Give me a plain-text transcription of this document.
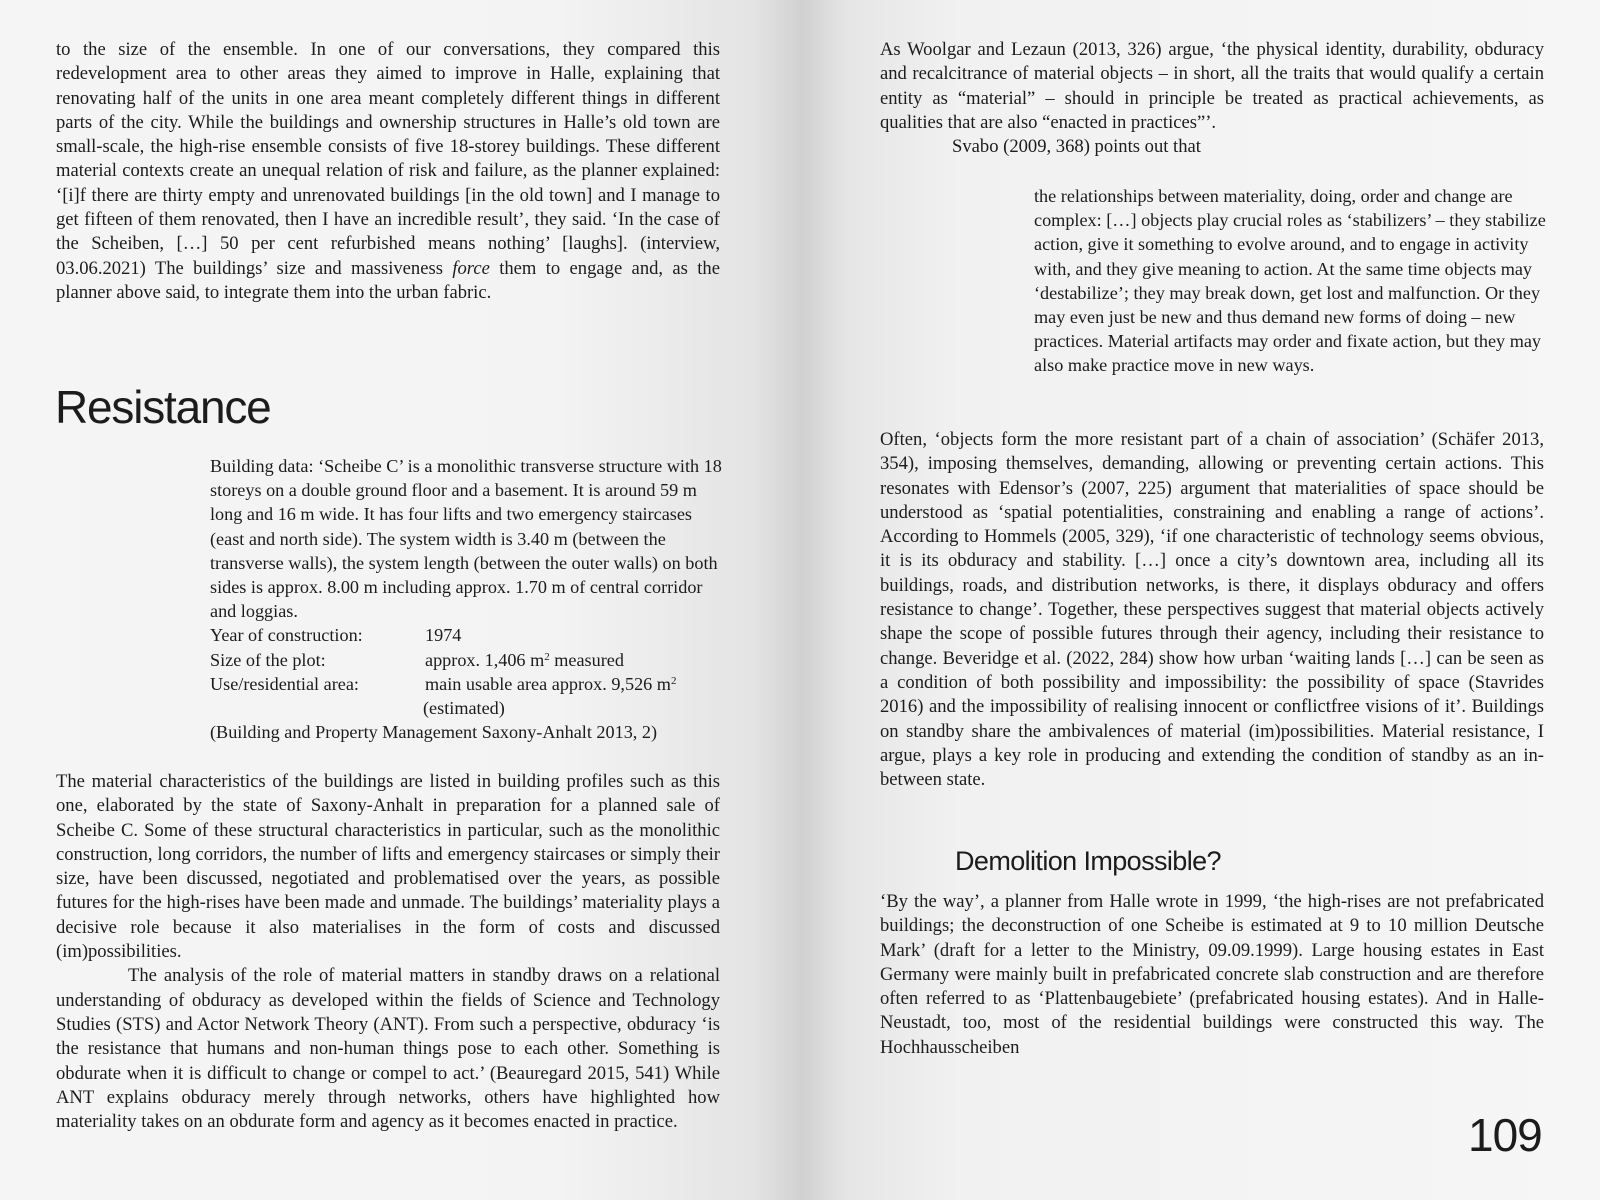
to the size of the ensemble. In one of our conversations, they compared this redevelopment area to other areas they aimed to improve in Halle, explaining that renovating half of the units in one area meant completely different things in different parts of the city. While the buildings and ownership structures in Halle’s old town are small-scale, the high-rise ensemble consists of five 18-storey buildings. These different material contexts create an unequal relation of risk and failure, as the planner explained: ‘[i]f there are thirty empty and unrenovated buildings [in the old town] and I manage to get fifteen of them renovated, then I have an incredible result’, they said. ‘In the case of the Scheiben, […] 50 per cent refurbished means nothing’ [laughs]. (interview, 03.06.2021) The buildings’ size and massiveness force them to engage and, as the planner above said, to integrate them into the urban fabric.
Resistance

Building data: ‘Scheibe C’ is a monolithic transverse structure with 18 storeys on a double ground floor and a basement. It is around 59 m long and 16 m wide. It has four lifts and two emergency staircases (east and north side). The system width is 3.40 m (between the transverse walls), the system length (between the outer walls) on both sides is approx. 8.00 m including approx. 1.70 m of central corridor and loggias.

Year of construction:	1974
Size of the plot:	approx. 1,406 $m^2$ measured
Use/residential area:	main usable area approx. 9,526 $m^2$

(estimated)

(Building and Property Management Saxony-Anhalt 2013, 2)

The material characteristics of the buildings are listed in building profiles such as this one, elaborated by the state of Saxony-Anhalt in preparation for a planned sale of Scheibe C. Some of these structural characteristics in particular, such as the monolithic construction, long corridors, the number of lifts and emergency staircases or simply their size, have been discussed, negotiated and problematised over the years, as possible futures for the high-rises have been made and unmade. The buildings’ materiality plays a decisive role because it also materialises in the form of costs and discussed (im)possibilities.

The analysis of the role of material matters in standby draws on a relational understanding of obduracy as developed within the fields of Science and Technology Studies (STS) and Actor Network Theory (ANT). From such a perspective, obduracy ‘is the resistance that humans and non-human things pose to each other. Something is obdurate when it is difficult to change or compel to act.’ (Beauregard 2015, 541) While ANT explains obduracy merely through networks, others have highlighted how materiality takes on an obdurate form and agency as it becomes enacted in practice.

As Woolgar and Lezaun (2013, 326) argue, ‘the physical identity, durability, obduracy and recalcitrance of material objects – in short, all the traits that would qualify a certain entity as “material” – should in principle be treated as practical achievements, as qualities that are also “enacted in practices”’.

Svabo (2009, 368) points out that

the relationships between materiality, doing, order and change are complex: […] objects play crucial roles as ‘stabilizers’ – they stabilize action, give it something to evolve around, and to engage in activity with, and they give meaning to action. At the same time objects may ‘destabilize’; they may break down, get lost and malfunction. Or they may even just be new and thus demand new forms of doing – new practices. Material artifacts may order and fixate action, but they may also make practice move in new ways.

Often, ‘objects form the more resistant part of a chain of association’ (Schäfer 2013, 354), imposing themselves, demanding, allowing or preventing certain actions. This resonates with Edensor’s (2007, 225) argument that materialities of space should be understood as ‘spatial potentialities, constraining and enabling a range of actions’. According to Hommels (2005, 329), ‘if one characteristic of technology seems obvious, it is its obduracy and stability. […] once a city’s downtown area, including all its buildings, roads, and distribution networks, is there, it displays obduracy and offers resistance to change’. Together, these perspectives suggest that material objects actively shape the scope of possible futures through their agency, including their resistance to change. Beveridge et al. (2022, 284) show how urban ‘waiting lands […] can be seen as a condition of both possibility and impossibility: the possibility of space (Stavrides 2016) and the impossibility of realising innocent or conflictfree visions of it’. Buildings on standby share the ambivalences of material (im)possibilities. Material resistance, I argue, plays a key role in producing and extending the condition of standby as an in-between state.

Demolition Impossible?

‘By the way’, a planner from Halle wrote in 1999, ‘the high-rises are not prefabricated buildings; the deconstruction of one Scheibe is estimated at 9 to 10 million Deutsche Mark’ (draft for a letter to the Ministry, 09.09.1999). Large housing estates in East Germany were mainly built in prefabricated concrete slab construction and are therefore often referred to as ‘Plattenbaugebiete’ (prefabricated housing estates). And in Halle-Neustadt, too, most of the residential buildings were constructed this way. The Hochhausscheiben

109
